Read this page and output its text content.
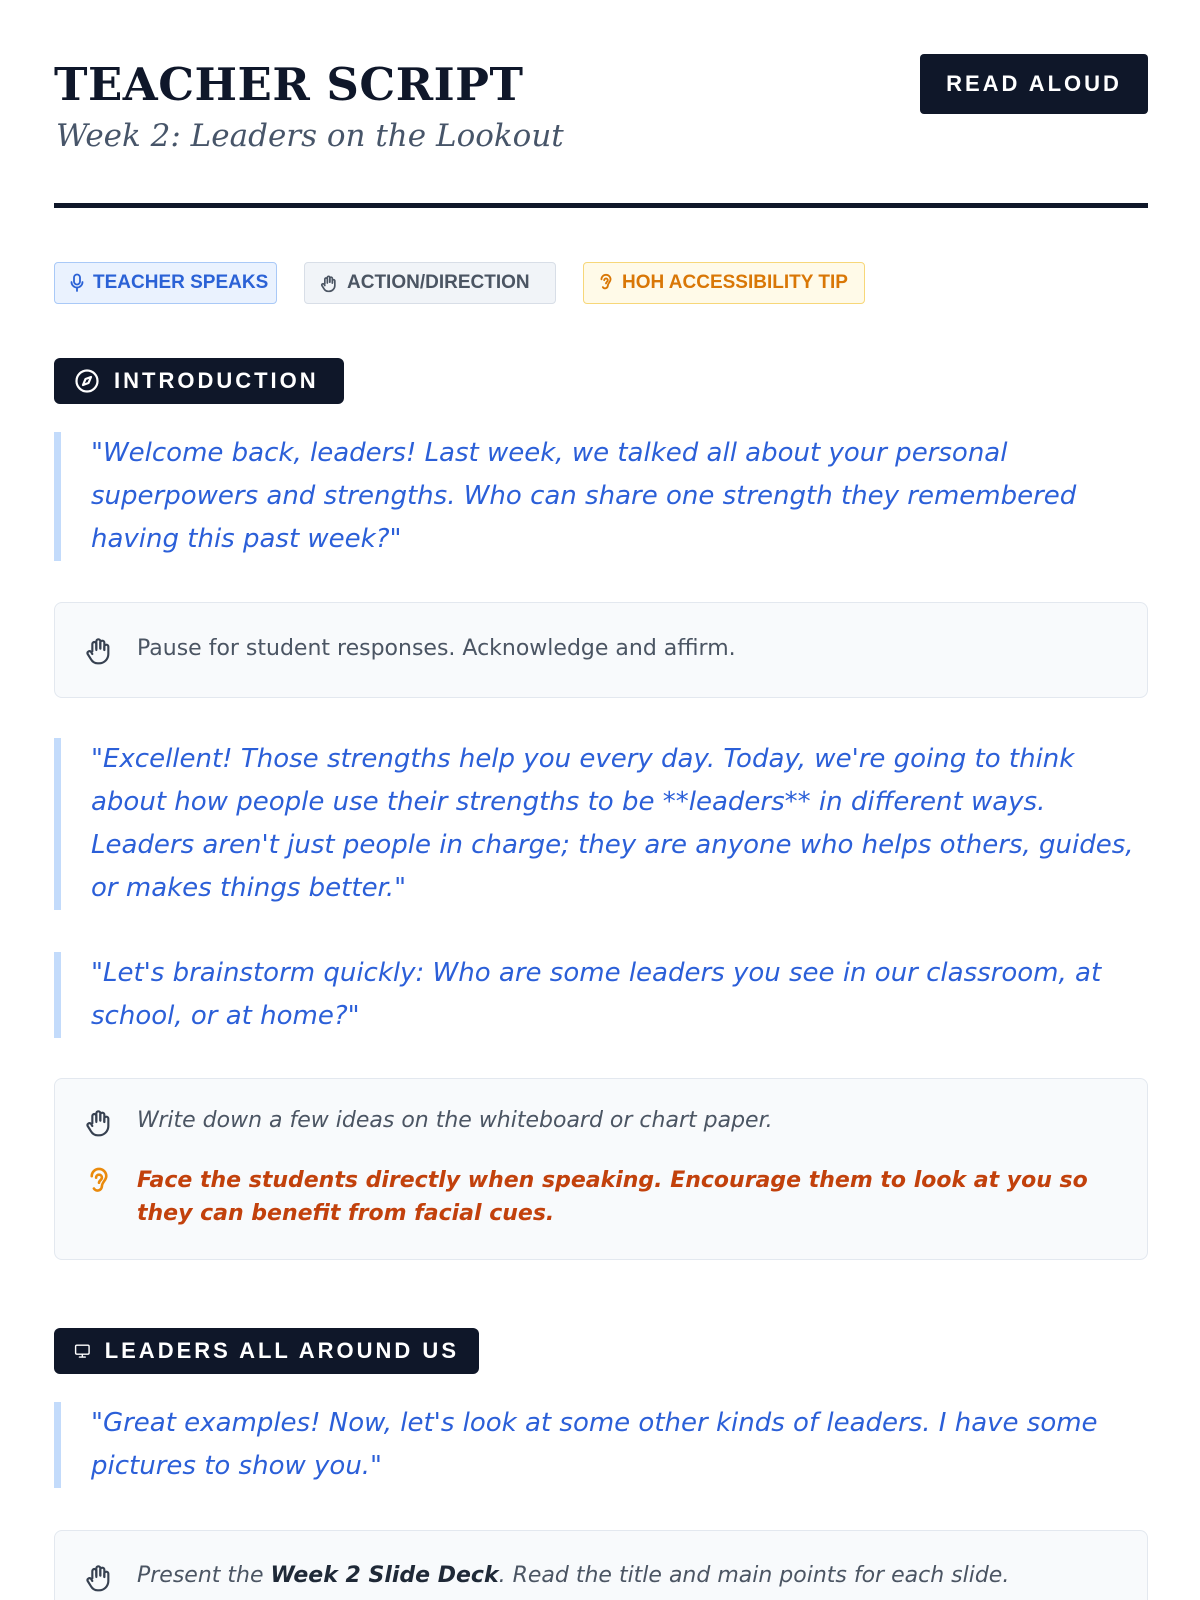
TEACHER SCRIPT
Week 2: Leaders on the Lookout
READ ALOUD
TEACHER SPEAKS	ACTION/DIRECTION	HOH ACCESSIBILITY TIP
INTRODUCTION
"Welcome back, leaders! Last week, we talked all about your personal superpowers and strengths. Who can share one strength they remembered having this past week?"
Pause for student responses. Acknowledge and affirm.
"Excellent! Those strengths help you every day. Today, we're going to think about how people use their strengths to be **leaders** in different ways. Leaders aren't just people in charge; they are anyone who helps others, guides, or makes things better."
"Let's brainstorm quickly: Who are some leaders you see in our classroom, at school, or at home?"
Write down a few ideas on the whiteboard or chart paper.
Face the students directly when speaking. Encourage them to look at you so they can benefit from facial cues.
LEADERS ALL AROUND US
"Great examples! Now, let's look at some other kinds of leaders. I have some pictures to show you."
Present the Week 2 Slide Deck. Read the title and main points for each slide.
